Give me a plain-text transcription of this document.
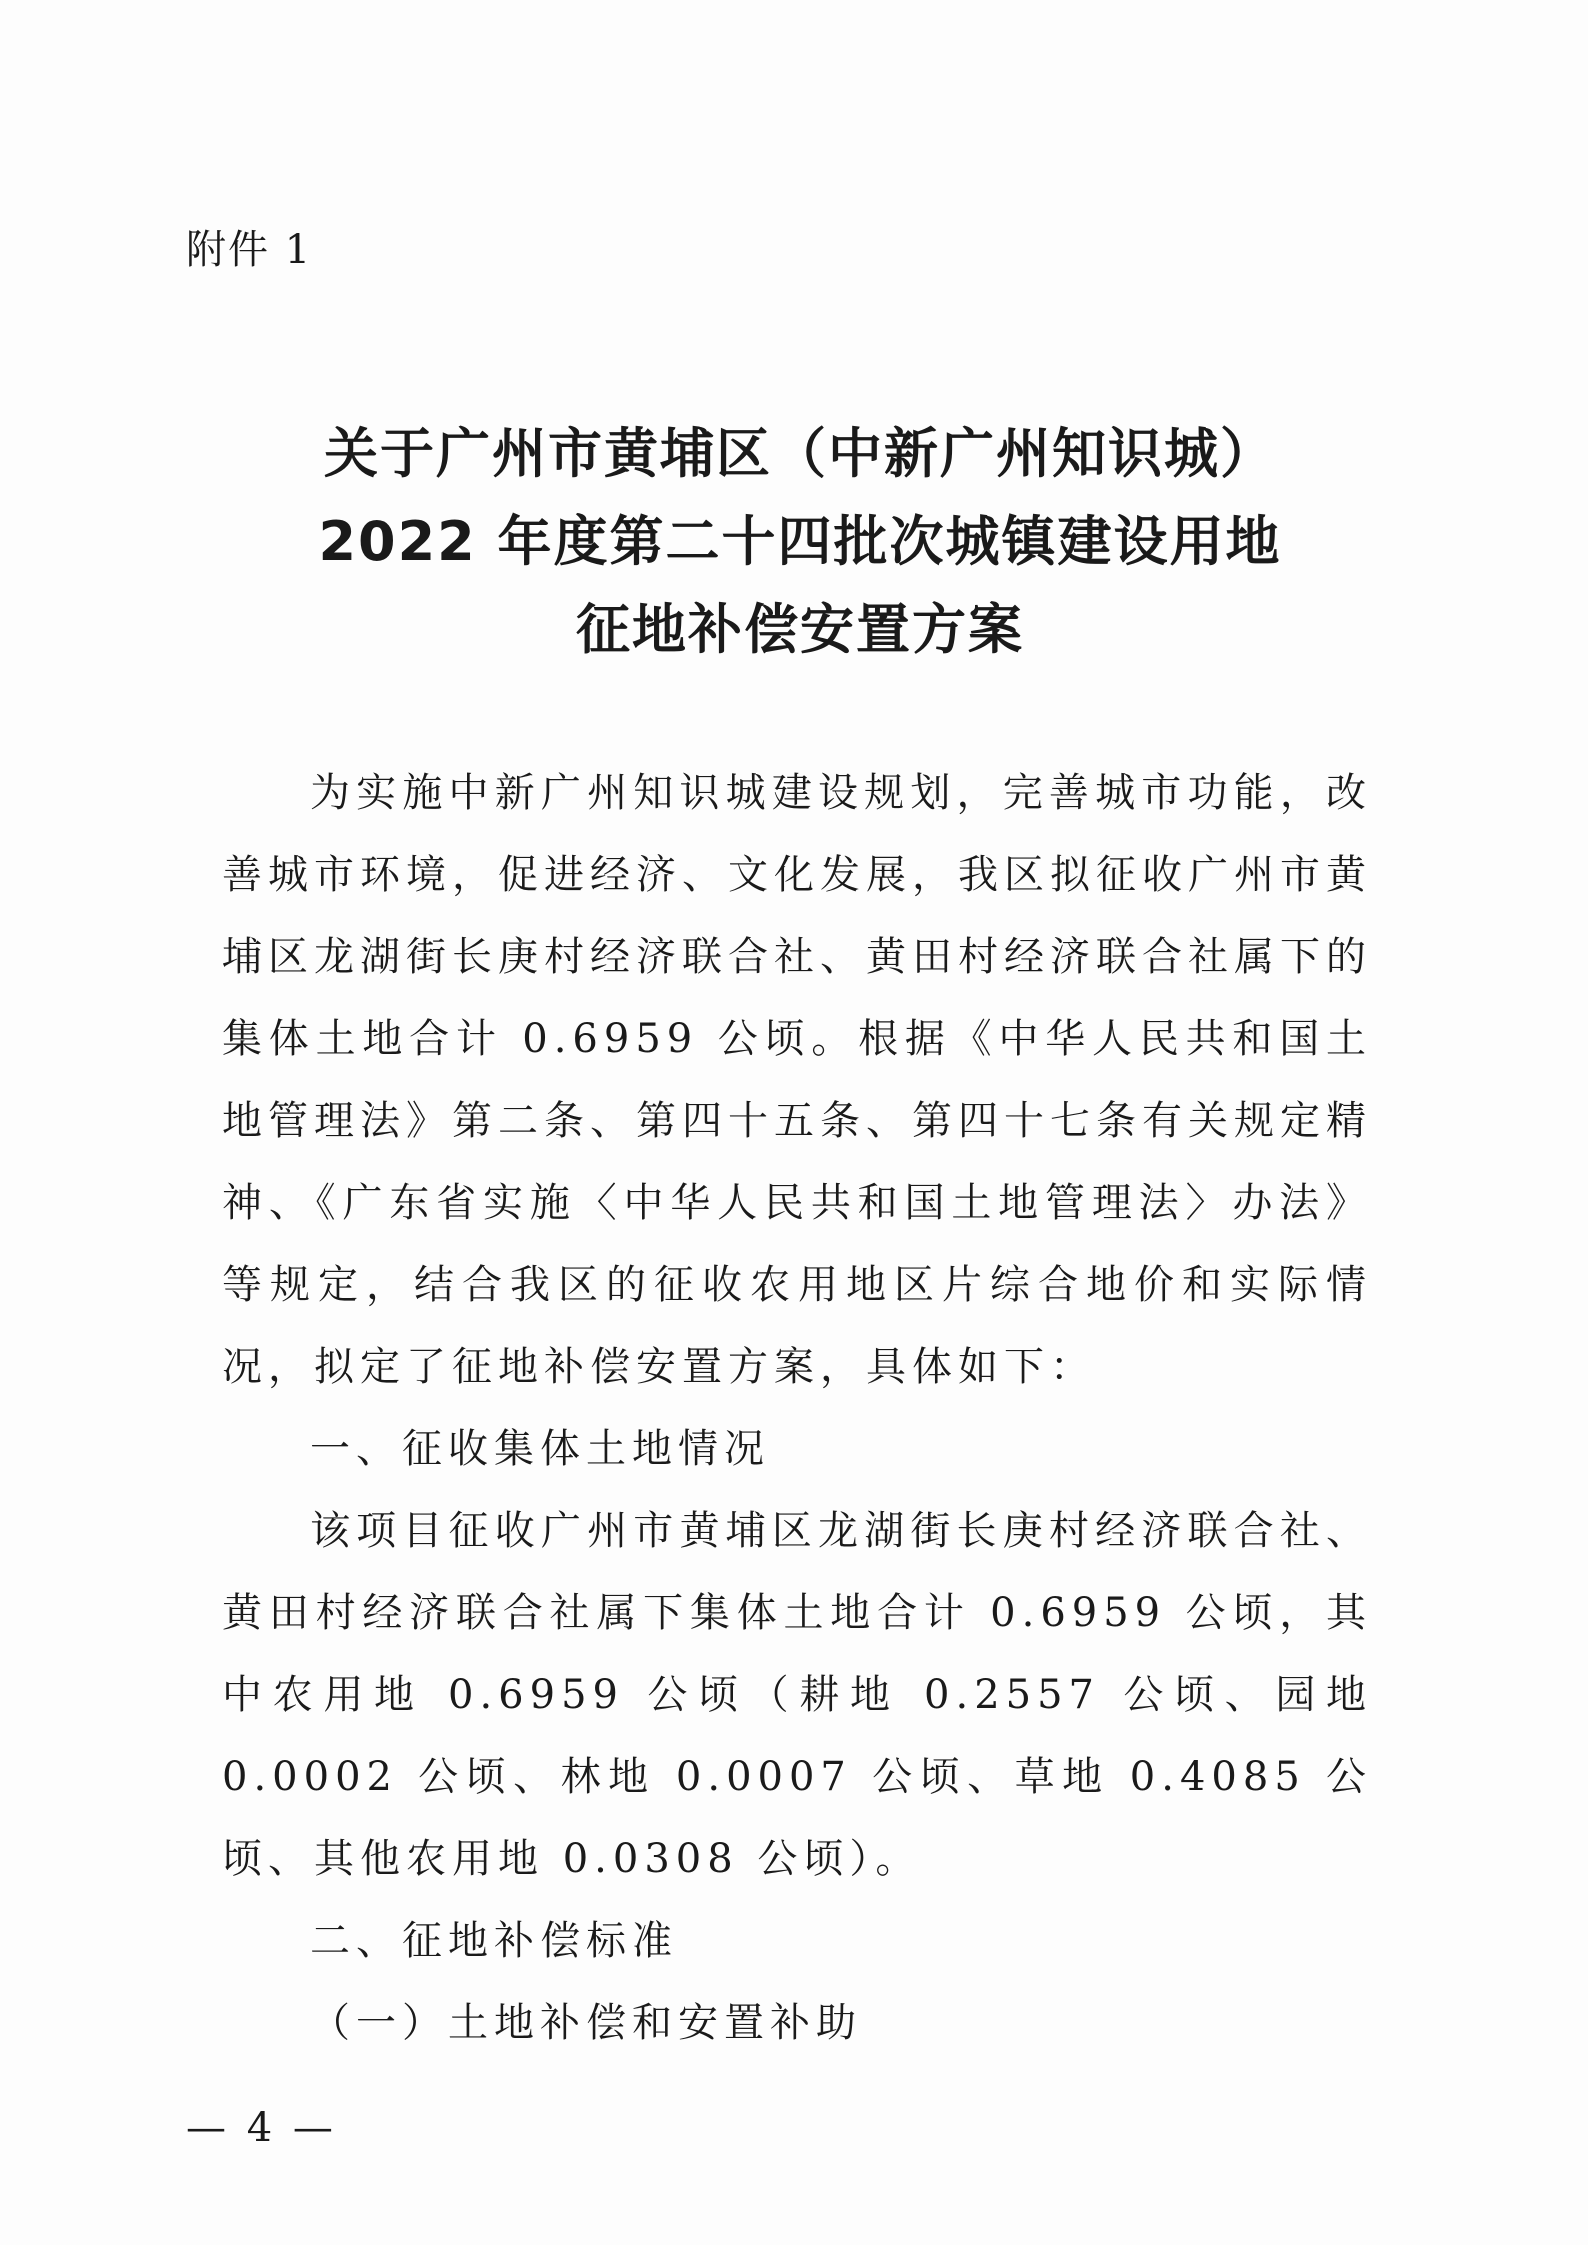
附件 1
关于广州市黄埔区（中新广州知识城）
2022 年度第二十四批次城镇建设用地
征地补偿安置方案

为实施中新广州知识城建设规划，完善城市功能，改善城市环境，促进经济、文化发展，我区拟征收广州市黄埔区龙湖街长庚村经济联合社、黄田村经济联合社属下的集体土地合计 0.6959 公顷。根据《中华人民共和国土地管理法》第二条、第四十五条、第四十七条有关规定精神、《广东省实施〈中华人民共和国土地管理法〉办法》等规定，结合我区的征收农用地区片综合地价和实际情况，拟定了征地补偿安置方案，具体如下：

一、征收集体土地情况

该项目征收广州市黄埔区龙湖街长庚村经济联合社、黄田村经济联合社属下集体土地合计 0.6959 公顷，其中农用地 0.6959 公顷（耕地 0.2557 公顷、园地 0.0002 公顷、林地 0.0007 公顷、草地 0.4085 公顷、其他农用地 0.0308 公顷）。

二、征地补偿标准

（一）土地补偿和安置补助

— 4 —
